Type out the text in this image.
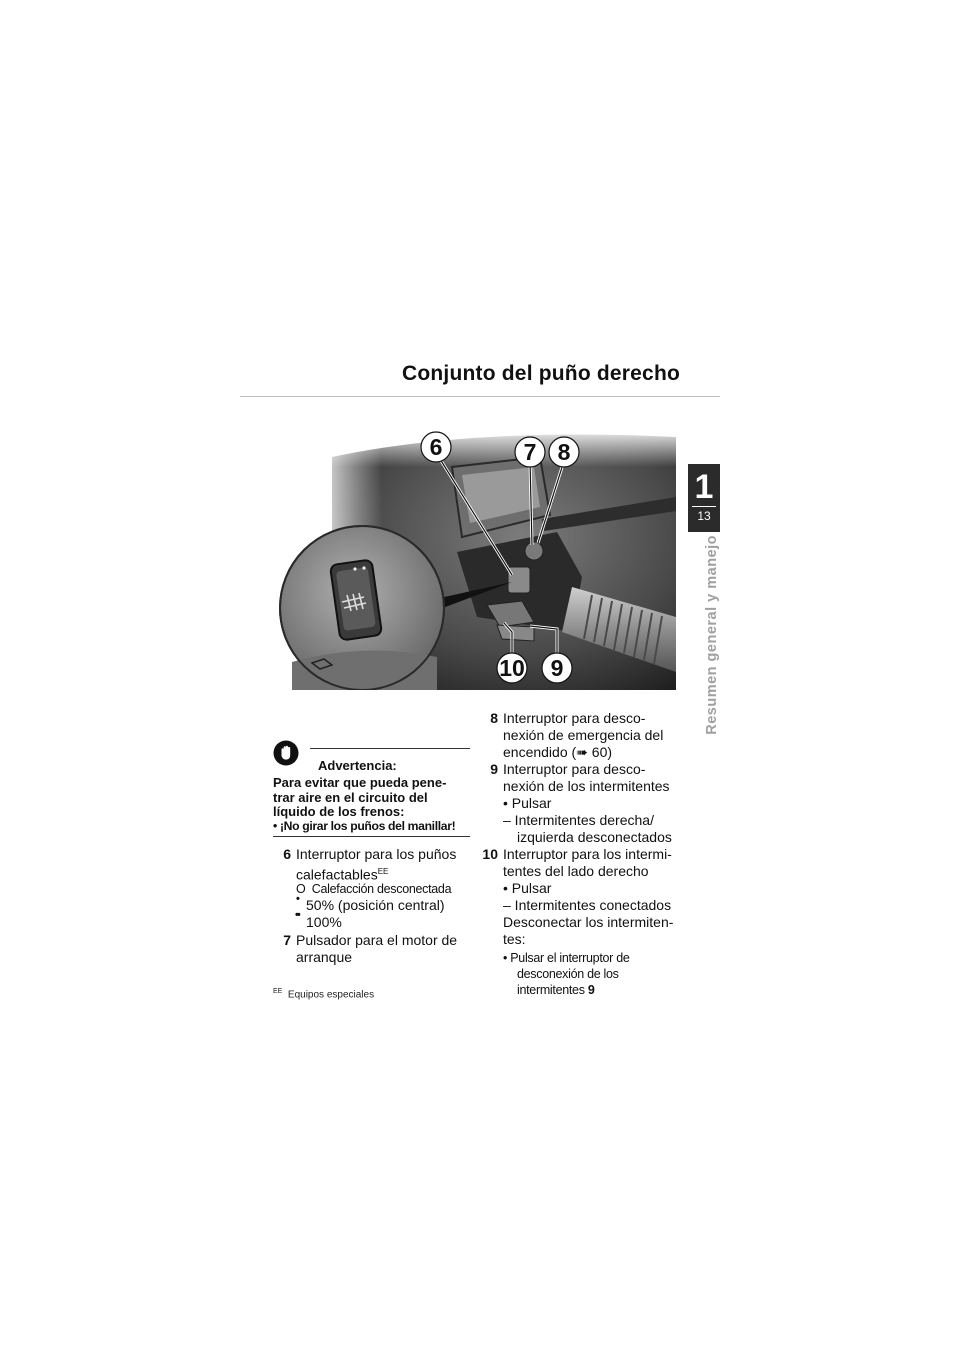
Conjunto del puño derecho
1
13
Resumen general y manejo
6	7 8
10 9
Advertencia:
Para evitar que pueda pene-
trar aire en el circuito del
líquido de los frenos:
• ¡No girar los puños del manillar!
6 Interruptor para los puños
calefactables$^{EE}$
O Calefacción desconectada
• 50% (posición central)
•• 100%
7 Pulsador para el motor de
arranque
$^{EE}$ Equipos especiales
8 Interruptor para desco-
nexión de emergencia del
encendido (➠ 60)
9 Interruptor para desco-
nexión de los intermitentes
• Pulsar
– Intermitentes derecha/
izquierda desconectados
10 Interruptor para los intermi-
tentes del lado derecho
• Pulsar
– Intermitentes conectados
Desconectar los intermiten-
tes:
• Pulsar el interruptor de
desconexión de los
intermitentes 9
